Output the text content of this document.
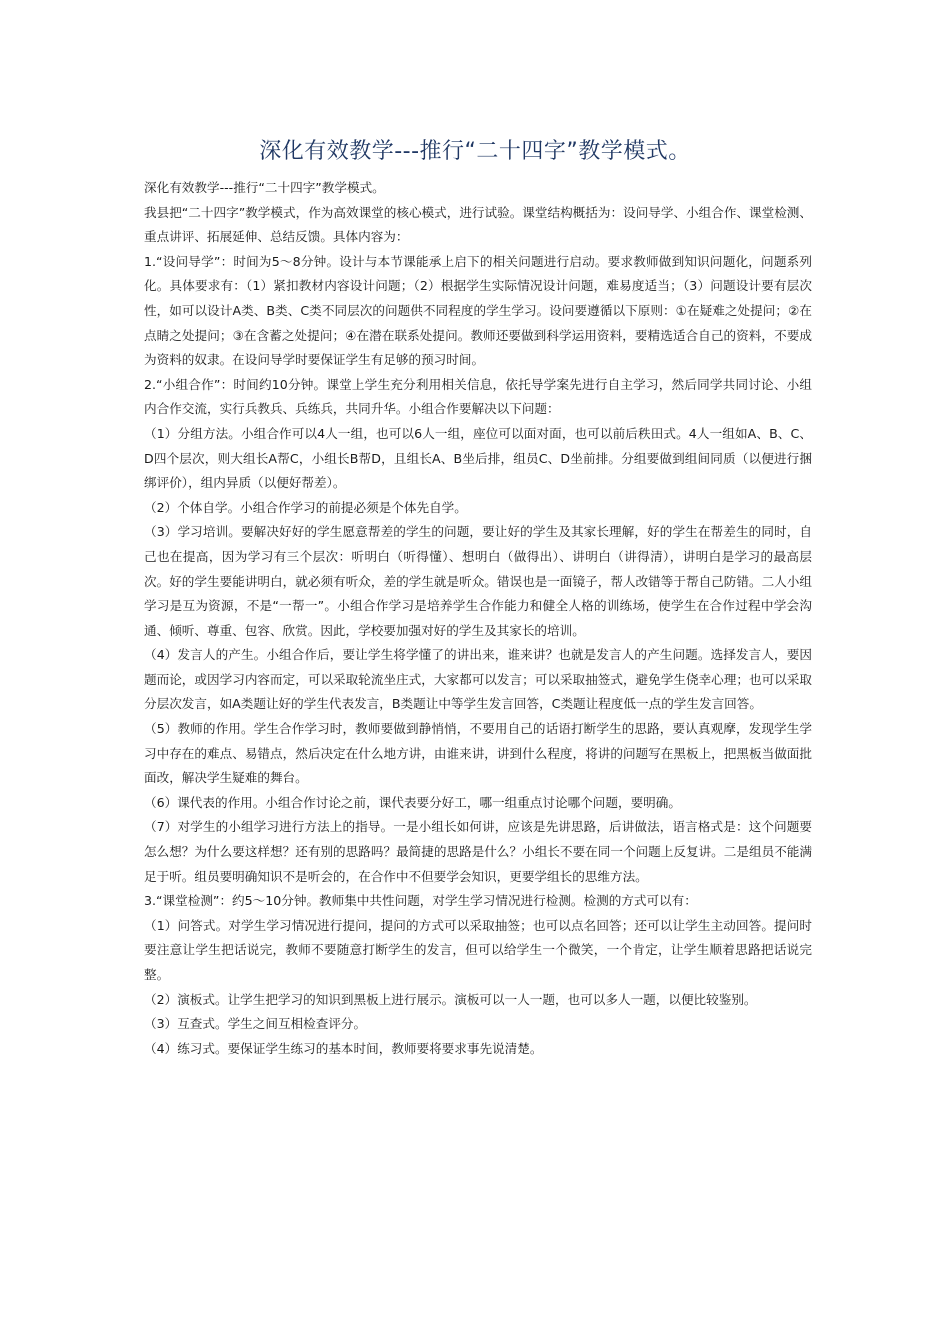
深化有效教学---推行“二十四字”教学模式。

深化有效教学---推行“二十四字”教学模式。

我县把“二十四字”教学模式，作为高效课堂的核心模式，进行试验。课堂结构概括为：设问导学、小组合作、课堂检测、重点讲评、拓展延伸、总结反馈。具体内容为：

1.“设问导学”：时间为5～8分钟。设计与本节课能承上启下的相关问题进行启动。要求教师做到知识问题化，问题系列化。具体要求有：（1）紧扣教材内容设计问题；（2）根据学生实际情况设计问题，难易度适当；（3）问题设计要有层次性，如可以设计A类、B类、C类不同层次的问题供不同程度的学生学习。设问要遵循以下原则：①在疑难之处提问；②在点睛之处提问；③在含蓄之处提问；④在潜在联系处提问。教师还要做到科学运用资料，要精选适合自己的资料，不要成为资料的奴隶。在设问导学时要保证学生有足够的预习时间。

2.“小组合作”：时间约10分钟。课堂上学生充分利用相关信息，依托导学案先进行自主学习，然后同学共同讨论、小组内合作交流，实行兵教兵、兵练兵，共同升华。小组合作要解决以下问题：

（1）分组方法。小组合作可以4人一组，也可以6人一组，座位可以面对面，也可以前后秩田式。4人一组如A、B、C、D四个层次，则大组长A帮C，小组长B帮D，且组长A、B坐后排，组员C、D坐前排。分组要做到组间同质（以便进行捆绑评价），组内异质（以便好帮差）。

（2）个体自学。小组合作学习的前提必须是个体先自学。

（3）学习培训。要解决好好的学生愿意帮差的学生的问题，要让好的学生及其家长理解，好的学生在帮差生的同时，自己也在提高，因为学习有三个层次：听明白（听得懂）、想明白（做得出）、讲明白（讲得清），讲明白是学习的最高层次。好的学生要能讲明白，就必须有听众，差的学生就是听众。错误也是一面镜子，帮人改错等于帮自己防错。二人小组学习是互为资源，不是“一帮一”。小组合作学习是培养学生合作能力和健全人格的训练场，使学生在合作过程中学会沟通、倾听、尊重、包容、欣赏。因此，学校要加强对好的学生及其家长的培训。

（4）发言人的产生。小组合作后，要让学生将学懂了的讲出来，谁来讲？也就是发言人的产生问题。选择发言人，要因题而论，或因学习内容而定，可以采取轮流坐庄式，大家都可以发言；可以采取抽签式，避免学生侥幸心理；也可以采取分层次发言，如A类题让好的学生代表发言，B类题让中等学生发言回答，C类题让程度低一点的学生发言回答。

（5）教师的作用。学生合作学习时，教师要做到静悄悄，不要用自己的话语打断学生的思路，要认真观摩，发现学生学习中存在的难点、易错点，然后决定在什么地方讲，由谁来讲，讲到什么程度，将讲的问题写在黑板上，把黑板当做面批面改，解决学生疑难的舞台。

（6）课代表的作用。小组合作讨论之前，课代表要分好工，哪一组重点讨论哪个问题，要明确。

（7）对学生的小组学习进行方法上的指导。一是小组长如何讲，应该是先讲思路，后讲做法，语言格式是：这个问题要怎么想？为什么要这样想？还有别的思路吗？最简捷的思路是什么？小组长不要在同一个问题上反复讲。二是组员不能满足于听。组员要明确知识不是听会的，在合作中不但要学会知识，更要学组长的思维方法。

3.“课堂检测”：约5～10分钟。教师集中共性问题，对学生学习情况进行检测。检测的方式可以有：

（1）问答式。对学生学习情况进行提问，提问的方式可以采取抽签；也可以点名回答；还可以让学生主动回答。提问时要注意让学生把话说完，教师不要随意打断学生的发言，但可以给学生一个微笑，一个肯定，让学生顺着思路把话说完整。

（2）演板式。让学生把学习的知识到黑板上进行展示。演板可以一人一题，也可以多人一题，以便比较鉴别。

（3）互查式。学生之间互相检查评分。

（4）练习式。要保证学生练习的基本时间，教师要将要求事先说清楚。
